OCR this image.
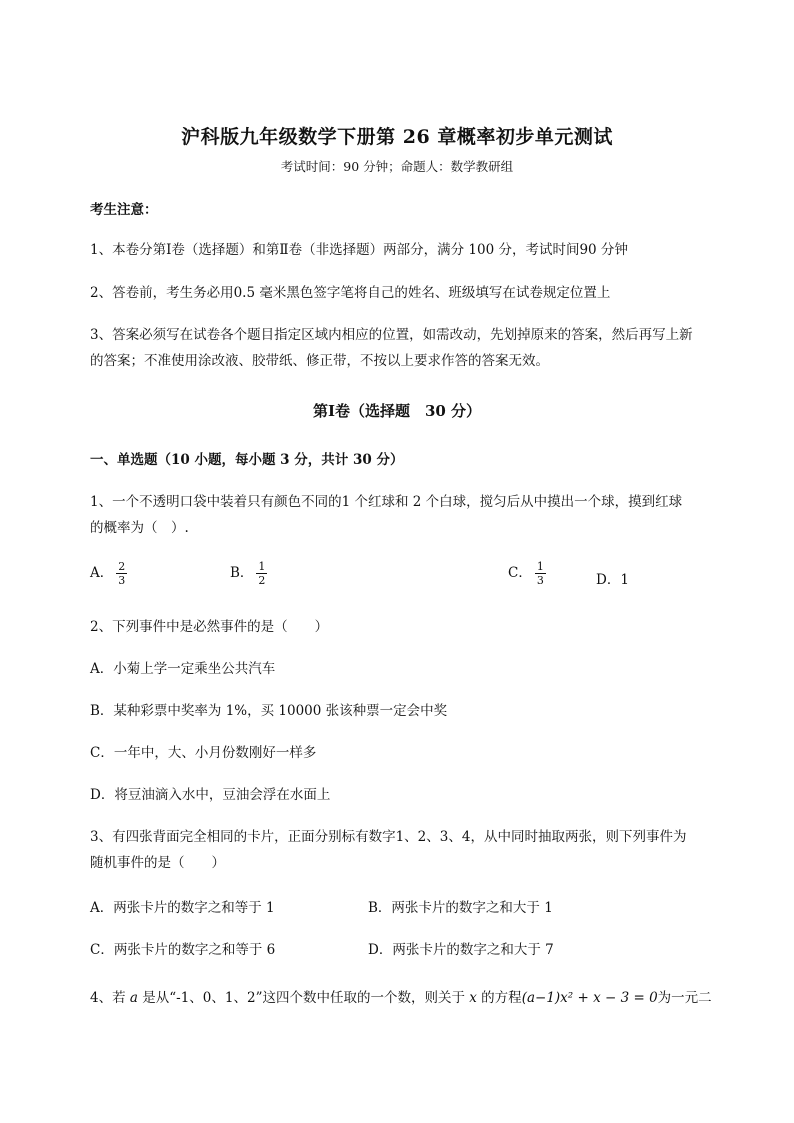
沪科版九年级数学下册第 26 章概率初步单元测试
考试时间：90 分钟；命题人：数学教研组
考生注意：
1、本卷分第Ⅰ卷（选择题）和第Ⅱ卷（非选择题）两部分，满分 100 分，考试时间90 分钟
2、答卷前，考生务必用0.5 毫米黑色签字笔将自己的姓名、班级填写在试卷规定位置上
3、答案必须写在试卷各个题目指定区域内相应的位置，如需改动，先划掉原来的答案，然后再写上新
的答案；不准使用涂改液、胶带纸、修正带，不按以上要求作答的答案无效。
第Ⅰ卷（选择题　30 分）
一、单选题（10 小题，每小题 3 分，共计 30 分）
1、一个不透明口袋中装着只有颜色不同的1 个红球和 2 个白球，搅匀后从中摸出一个球，摸到红球
的概率为（　）.
A． $\frac{2}{3}$	B． $\frac{1}{2}$	C． $\frac{1}{3}$	D．1
2、下列事件中是必然事件的是（　　）
A．小菊上学一定乘坐公共汽车
B．某种彩票中奖率为 1%，买 10000 张该种票一定会中奖
C．一年中，大、小月份数刚好一样多
D．将豆油滴入水中，豆油会浮在水面上
3、有四张背面完全相同的卡片，正面分别标有数字1、2、3、4，从中同时抽取两张，则下列事件为
随机事件的是（　　）
A．两张卡片的数字之和等于 1	B．两张卡片的数字之和大于 1
C．两张卡片的数字之和等于 6	D．两张卡片的数字之和大于 7
4、若 a 是从“-1、0、1、2”这四个数中任取的一个数，则关于 x 的方程(a−1)x² + x − 3 = 0为一元二
